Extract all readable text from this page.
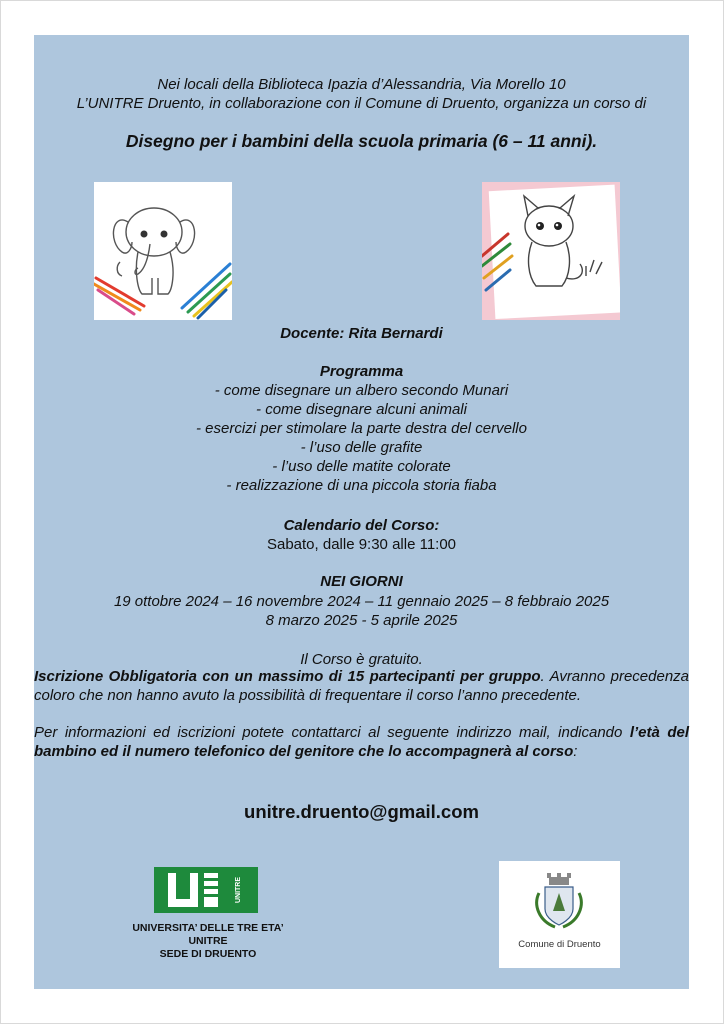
Nei locali della Biblioteca Ipazia d’Alessandria, Via Morello 10
L’UNITRE Druento, in collaborazione con il Comune di Druento, organizza un corso di
Disegno per i bambini della scuola primaria (6 – 11 anni).
Docente: Rita Bernardi
Programma
- come disegnare un albero secondo Munari
- come disegnare alcuni animali
- esercizi per stimolare la parte destra del cervello
- l’uso delle grafite
- l’uso delle matite colorate
- realizzazione di una piccola storia fiaba
Calendario del Corso:
Sabato, dalle 9:30 alle 11:00
NEI GIORNI
19 ottobre 2024 – 16 novembre 2024 – 11 gennaio 2025 – 8 febbraio 2025
8 marzo 2025 - 5 aprile 2025
Il Corso è gratuito.
Iscrizione Obbligatoria con un massimo di 15 partecipanti per gruppo. Avranno precedenza coloro che non hanno avuto la possibilità di frequentare il corso l’anno precedente.
Per informazioni ed iscrizioni potete contattarci al seguente indirizzo mail, indicando l’età del bambino ed il numero telefonico del genitore che lo accompagnerà al corso:
unitre.druento@gmail.com
UNITRE
UNIVERSITA’ DELLE TRE ETA’
UNITRE
SEDE DI DRUENTO
Comune di Druento
